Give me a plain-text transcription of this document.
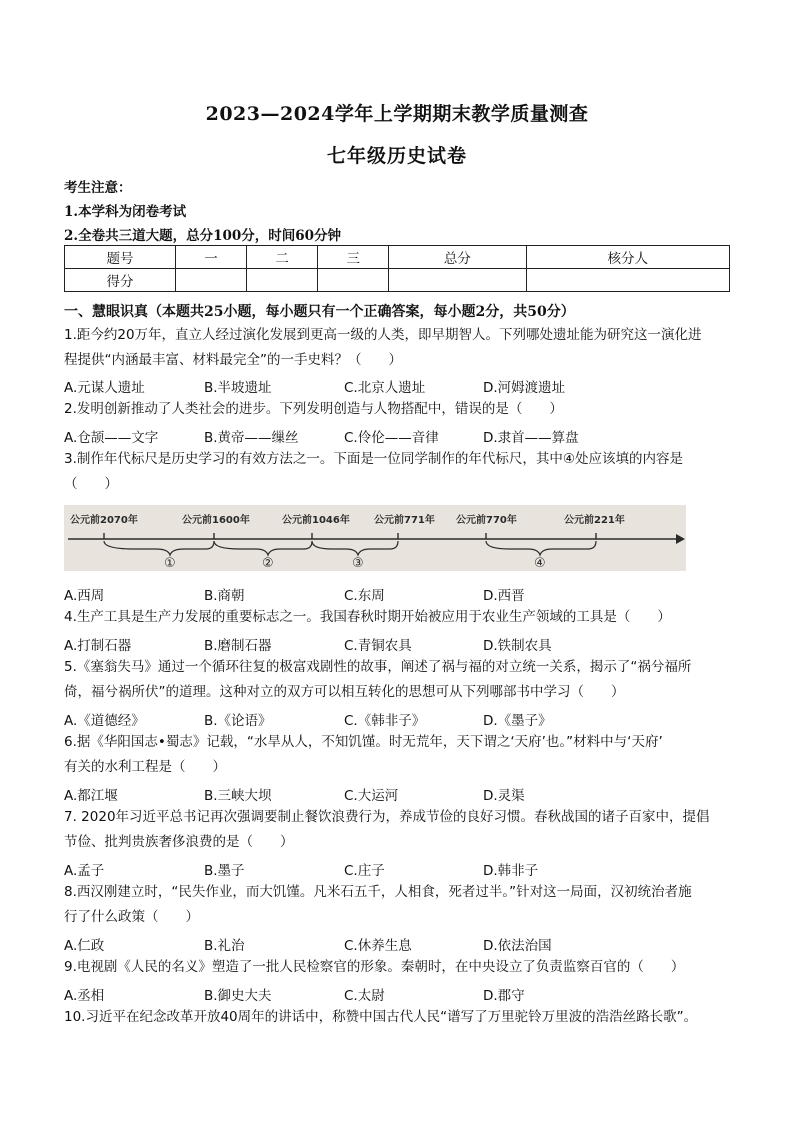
2023—2024学年上学期期末教学质量测查
七年级历史试卷
考生注意：
1.本学科为闭卷考试
2.全卷共三道大题，总分100分，时间60分钟
题号	一	二	三	总分	核分人
得分					
一、慧眼识真（本题共25小题，每小题只有一个正确答案，每小题2分，共50分）
1.距今约20万年，直立人经过演化发展到更高一级的人类，即早期智人。下列哪处遗址能为研究这一演化进
程提供“内涵最丰富、材料最完全”的一手史料？（　　）
A.元谋人遗址	B.半坡遗址	C.北京人遗址	D.河姆渡遗址
2.发明创新推动了人类社会的进步。下列发明创造与人物搭配中，错误的是（　　）
A.仓颉——文字	B.黄帝——缫丝	C.伶伦——音律	D.隶首——算盘
3.制作年代标尺是历史学习的有效方法之一。下面是一位同学制作的年代标尺，其中④处应该填的内容是
（　　）
公元前2070年	公元前1600年	公元前1046年 公元前771年 公元前770年	公元前221年
①	②	③	④
A.西周	B.商朝	C.东周	D.西晋
4.生产工具是生产力发展的重要标志之一。我国春秋时期开始被应用于农业生产领域的工具是（　　）
A.打制石器	B.磨制石器	C.青铜农具	D.铁制农具
5.《塞翁失马》通过一个循环往复的极富戏剧性的故事，阐述了祸与福的对立统一关系，揭示了“祸兮福所
倚，福兮祸所伏”的道理。这种对立的双方可以相互转化的思想可从下列哪部书中学习（　　）
A.《道德经》	B.《论语》	C.《韩非子》	D.《墨子》
6.据《华阳国志•蜀志》记载，“水旱从人，不知饥馑。时无荒年，天下谓之‘天府’也。”材料中与‘天府’
有关的水利工程是（　　）
A.都江堰	B.三峡大坝	C.大运河	D.灵渠
7. 2020年习近平总书记再次强调要制止餐饮浪费行为，养成节俭的良好习惯。春秋战国的诸子百家中，提倡
节俭、批判贵族奢侈浪费的是（　　）
A.孟子	B.墨子	C.庄子	D.韩非子
8.西汉刚建立时，“民失作业，而大饥馑。凡米石五千，人相食，死者过半。”针对这一局面，汉初统治者施
行了什么政策（　　）
A.仁政	B.礼治	C.休养生息	D.依法治国
9.电视剧《人民的名义》塑造了一批人民检察官的形象。秦朝时，在中央设立了负责监察百官的（　　）
A.丞相	B.御史大夫	C.太尉	D.郡守
10.习近平在纪念改革开放40周年的讲话中，称赞中国古代人民“谱写了万里驼铃万里波的浩浩丝路长歌”。
